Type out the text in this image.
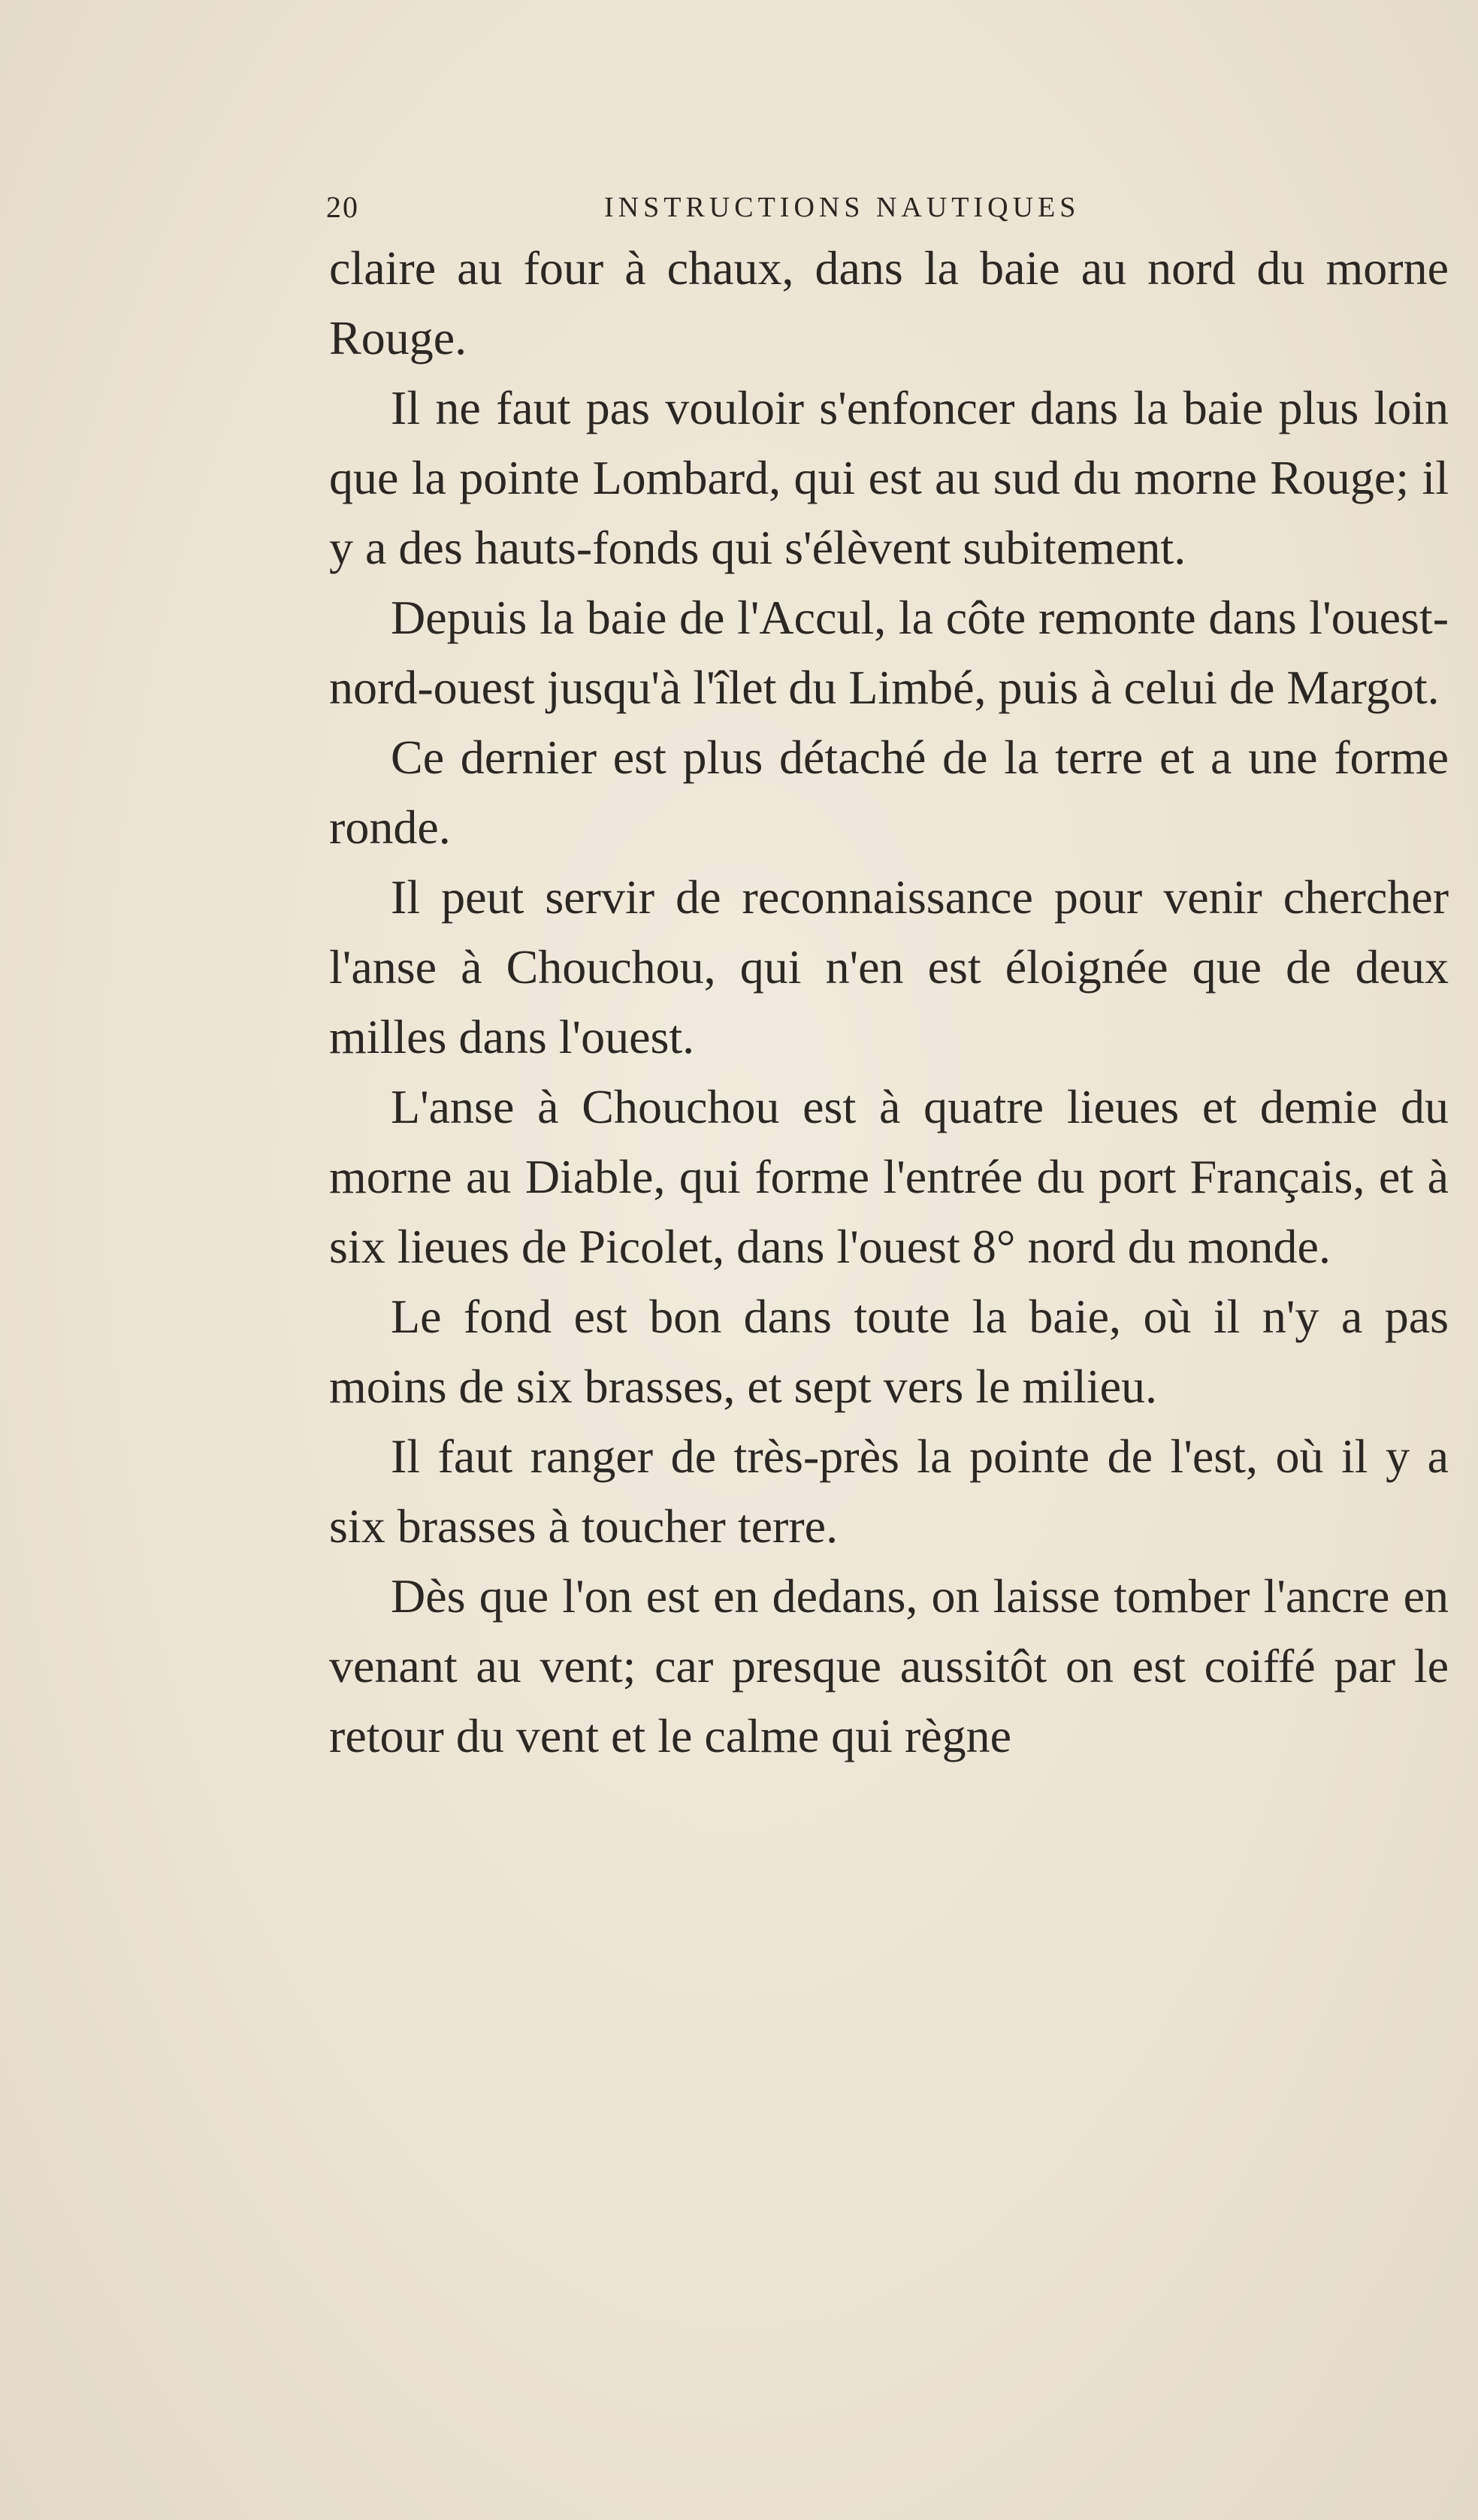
20	INSTRUCTIONS NAUTIQUES

claire au four à chaux, dans la baie au nord du morne Rouge.

Il ne faut pas vouloir s'enfoncer dans la baie plus loin que la pointe Lombard, qui est au sud du morne Rouge; il y a des hauts-fonds qui s'élèvent subitement.

Depuis la baie de l'Accul, la côte remonte dans l'ouest-nord-ouest jusqu'à l'îlet du Limbé, puis à celui de Margot.

Ce dernier est plus détaché de la terre et a une forme ronde.

Il peut servir de reconnaissance pour venir chercher l'anse à Chouchou, qui n'en est éloignée que de deux milles dans l'ouest.

L'anse à Chouchou est à quatre lieues et demie du morne au Diable, qui forme l'entrée du port Français, et à six lieues de Picolet, dans l'ouest 8° nord du monde.

Le fond est bon dans toute la baie, où il n'y a pas moins de six brasses, et sept vers le milieu.

Il faut ranger de très-près la pointe de l'est, où il y a six brasses à toucher terre.

Dès que l'on est en dedans, on laisse tomber l'ancre en venant au vent; car presque aussitôt on est coiffé par le retour du vent et le calme qui règne
